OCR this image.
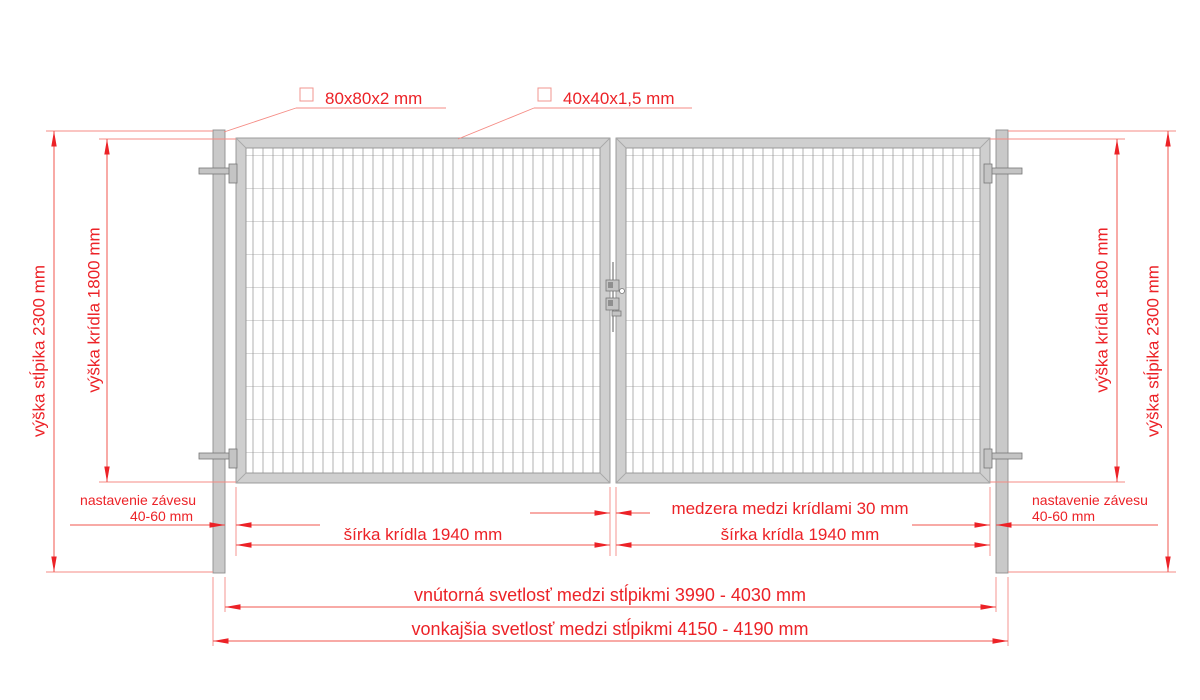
80x80x2 mm	40x40x1,5 mm
výška stĺpika 2300 mm výška krídla 1800 mm	výška krídla 1800 mm výška stĺpika 2300 mm
nastavenie závesu
40-60 mm
nastavenie závesu
40-60 mm
medzera medzi krídlami 30 mm
šírka krídla 1940 mm	šírka krídla 1940 mm
vnútorná svetlosť medzi stĺpikmi 3990 - 4030 mm
vonkajšia svetlosť medzi stĺpikmi 4150 - 4190 mm
